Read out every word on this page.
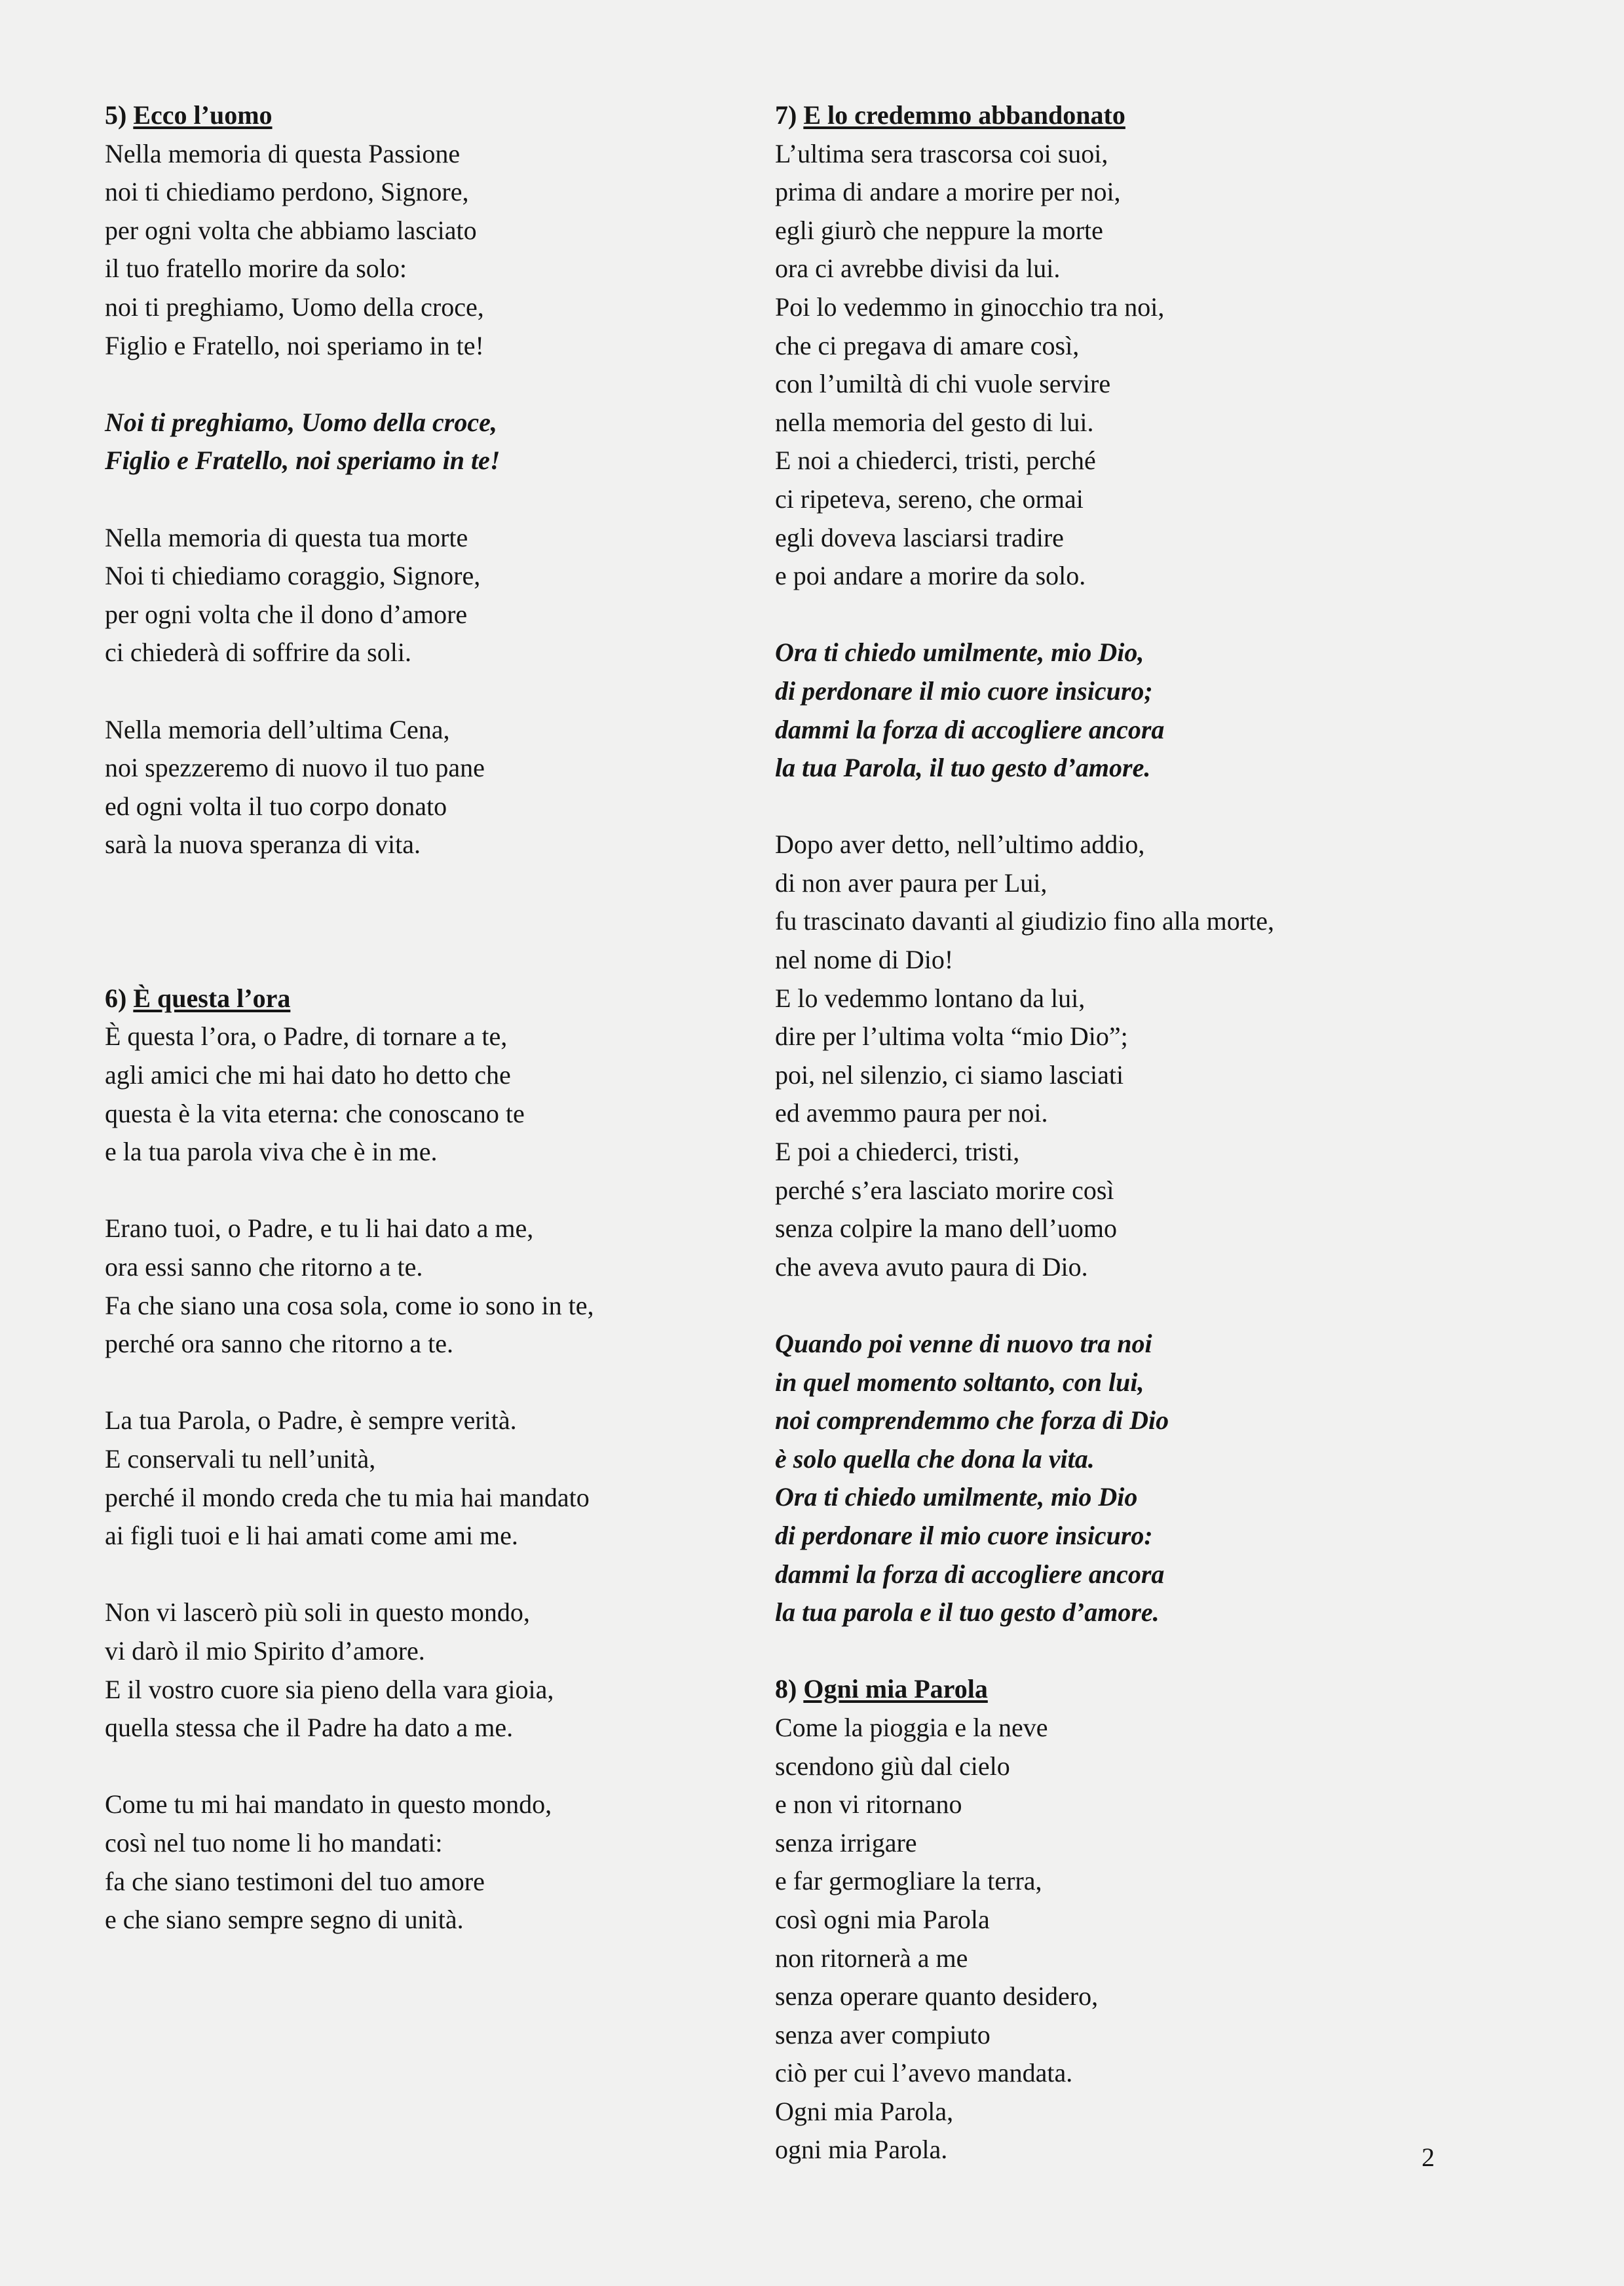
5) Ecco l’uomo

Nella memoria di questa Passione
noi ti chiediamo perdono, Signore,
per ogni volta che abbiamo lasciato
il tuo fratello morire da solo:
noi ti preghiamo, Uomo della croce,
Figlio e Fratello, noi speriamo in te!
Noi ti preghiamo, Uomo della croce,
Figlio e Fratello, noi speriamo in te!
Nella memoria di questa tua morte
Noi ti chiediamo coraggio, Signore,
per ogni volta che il dono d’amore
ci chiederà di soffrire da soli.
Nella memoria dell’ultima Cena,
noi spezzeremo di nuovo il tuo pane
ed ogni volta il tuo corpo donato
sarà la nuova speranza di vita.

6) È questa l’ora

È questa l’ora, o Padre, di tornare a te,
agli amici che mi hai dato ho detto che
questa è la vita eterna: che conoscano te
e la tua parola viva che è in me.
Erano tuoi, o Padre, e tu li hai dato a me,
ora essi sanno che ritorno a te.
Fa che siano una cosa sola, come io sono in te,
perché ora sanno che ritorno a te.
La tua Parola, o Padre, è sempre verità.
E conservali tu nell’unità,
perché il mondo creda che tu mia hai mandato
ai figli tuoi e li hai amati come ami me.
Non vi lascerò più soli in questo mondo,
vi darò il mio Spirito d’amore.
E il vostro cuore sia pieno della vara gioia,
quella stessa che il Padre ha dato a me.
Come tu mi hai mandato in questo mondo,
così nel tuo nome li ho mandati:
fa che siano testimoni del tuo amore
e che siano sempre segno di unità.

7) E lo credemmo abbandonato

L’ultima sera trascorsa coi suoi,
prima di andare a morire per noi,
egli giurò che neppure la morte
ora ci avrebbe divisi da lui.
Poi lo vedemmo in ginocchio tra noi,
che ci pregava di amare così,
con l’umiltà di chi vuole servire
nella memoria del gesto di lui.
E noi a chiederci, tristi, perché
ci ripeteva, sereno, che ormai
egli doveva lasciarsi tradire
e poi andare a morire da solo.
Ora ti chiedo umilmente, mio Dio,
di perdonare il mio cuore insicuro;
dammi la forza di accogliere ancora
la tua Parola, il tuo gesto d’amore.
Dopo aver detto, nell’ultimo addio,
di non aver paura per Lui,
fu trascinato davanti al giudizio fino alla morte,
nel nome di Dio!
E lo vedemmo lontano da lui,
dire per l’ultima volta “mio Dio”;
poi, nel silenzio, ci siamo lasciati
ed avemmo paura per noi.
E poi a chiederci, tristi,
perché s’era lasciato morire così
senza colpire la mano dell’uomo
che aveva avuto paura di Dio.
Quando poi venne di nuovo tra noi
in quel momento soltanto, con lui,
noi comprendemmo che forza di Dio
è solo quella che dona la vita.
Ora ti chiedo umilmente, mio Dio
di perdonare il mio cuore insicuro:
dammi la forza di accogliere ancora
la tua parola e il tuo gesto d’amore.

8) Ogni mia Parola

Come la pioggia e la neve
scendono giù dal cielo
e non vi ritornano
senza irrigare
e far germogliare la terra,
così ogni mia Parola
non ritornerà a me
senza operare quanto desidero,
senza aver compiuto
ciò per cui l’avevo mandata.
Ogni mia Parola,
ogni mia Parola.	2
